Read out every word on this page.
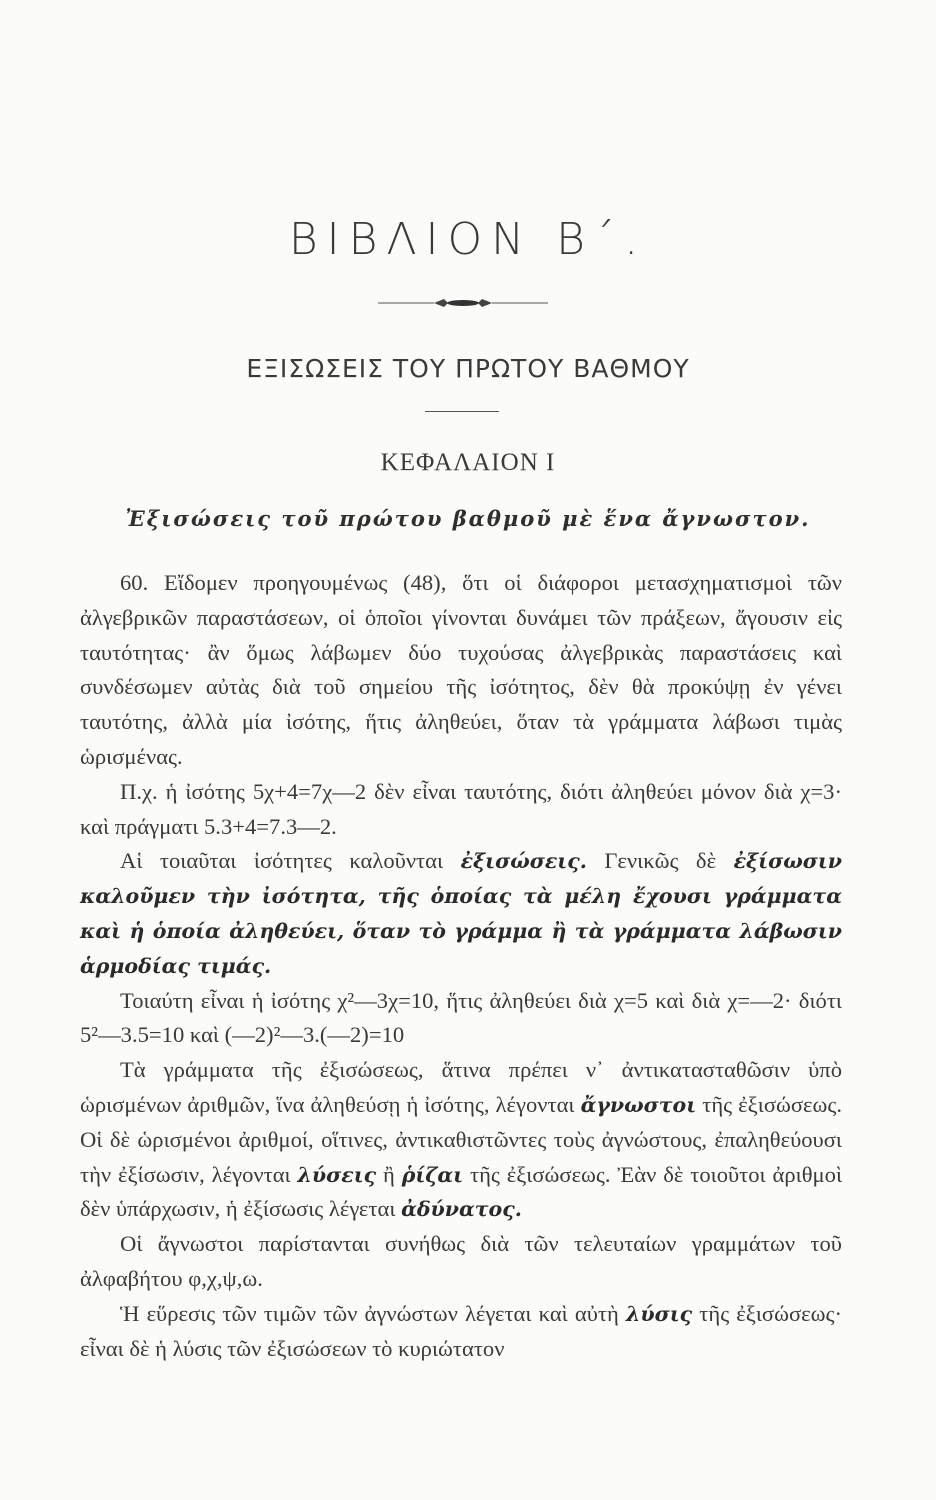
ΒΙΒΛΙΟΝ Β΄.
ΕΞΙΣΩΣΕΙΣ ΤΟΥ ΠΡΩΤΟΥ ΒΑΘΜΟΥ
ΚΕΦΑΛΑΙΟΝ Ι
Ἐξισώσεις τοῦ πρώτου βαθμοῦ μὲ ἕνα ἄγνωστον.

60. Εἴδομεν προηγουμένως (48), ὅτι οἱ διάφοροι μετασχηματισμοὶ τῶν ἀλγεβρικῶν παραστάσεων, οἱ ὁποῖοι γίνονται δυνάμει τῶν πράξεων, ἄγουσιν εἰς ταυτότητας· ἂν ὅμως λάβωμεν δύο τυχούσας ἀλγεβρικὰς παραστάσεις καὶ συνδέσωμεν αὐτὰς διὰ τοῦ σημείου τῆς ἰσότητος, δὲν θὰ προκύψῃ ἐν γένει ταυτότης, ἀλλὰ μία ἰσότης, ἥτις ἀληθεύει, ὅταν τὰ γράμματα λάβωσι τιμὰς ὡρισμένας.

Π.χ. ἡ ἰσότης 5χ+4=7χ—2 δὲν εἶναι ταυτότης, διότι ἀληθεύει μόνον διὰ χ=3· καὶ πράγματι 5.3+4=7.3—2.

Αἱ τοιαῦται ἰσότητες καλοῦνται ἐξισώσεις. Γενικῶς δὲ ἐξίσωσιν καλοῦμεν τὴν ἰσότητα, τῆς ὁποίας τὰ μέλη ἔχουσι γράμματα καὶ ἡ ὁποία ἀληθεύει, ὅταν τὸ γράμμα ἢ τὰ γράμματα λάβωσιν ἁρμοδίας τιμάς.

Τοιαύτη εἶναι ἡ ἰσότης χ²—3χ=10, ἥτις ἀληθεύει διὰ χ=5 καὶ διὰ χ=—2· διότι 5²—3.5=10 καὶ (—2)²—3.(—2)=10

Τὰ γράμματα τῆς ἐξισώσεως, ἅτινα πρέπει ν᾿ ἀντικατασταθῶσιν ὑπὸ ὡρισμένων ἀριθμῶν, ἵνα ἀληθεύσῃ ἡ ἰσότης, λέγονται ἄγνωστοι τῆς ἐξισώσεως. Οἱ δὲ ὡρισμένοι ἀριθμοί, οἵτινες, ἀντικαθιστῶντες τοὺς ἀγνώστους, ἐπαληθεύουσι τὴν ἐξίσωσιν, λέγονται λύσεις ἢ ῥίζαι τῆς ἐξισώσεως. Ἐὰν δὲ τοιοῦτοι ἀριθμοὶ δὲν ὑπάρχωσιν, ἡ ἐξίσωσις λέγεται ἀδύνατος.

Οἱ ἄγνωστοι παρίστανται συνήθως διὰ τῶν τελευταίων γραμμάτων τοῦ ἀλφαβήτου φ,χ,ψ,ω.

Ἡ εὕρεσις τῶν τιμῶν τῶν ἀγνώστων λέγεται καὶ αὐτὴ λύσις τῆς ἐξισώσεως· εἶναι δὲ ἡ λύσις τῶν ἐξισώσεων τὸ κυριώτατον
